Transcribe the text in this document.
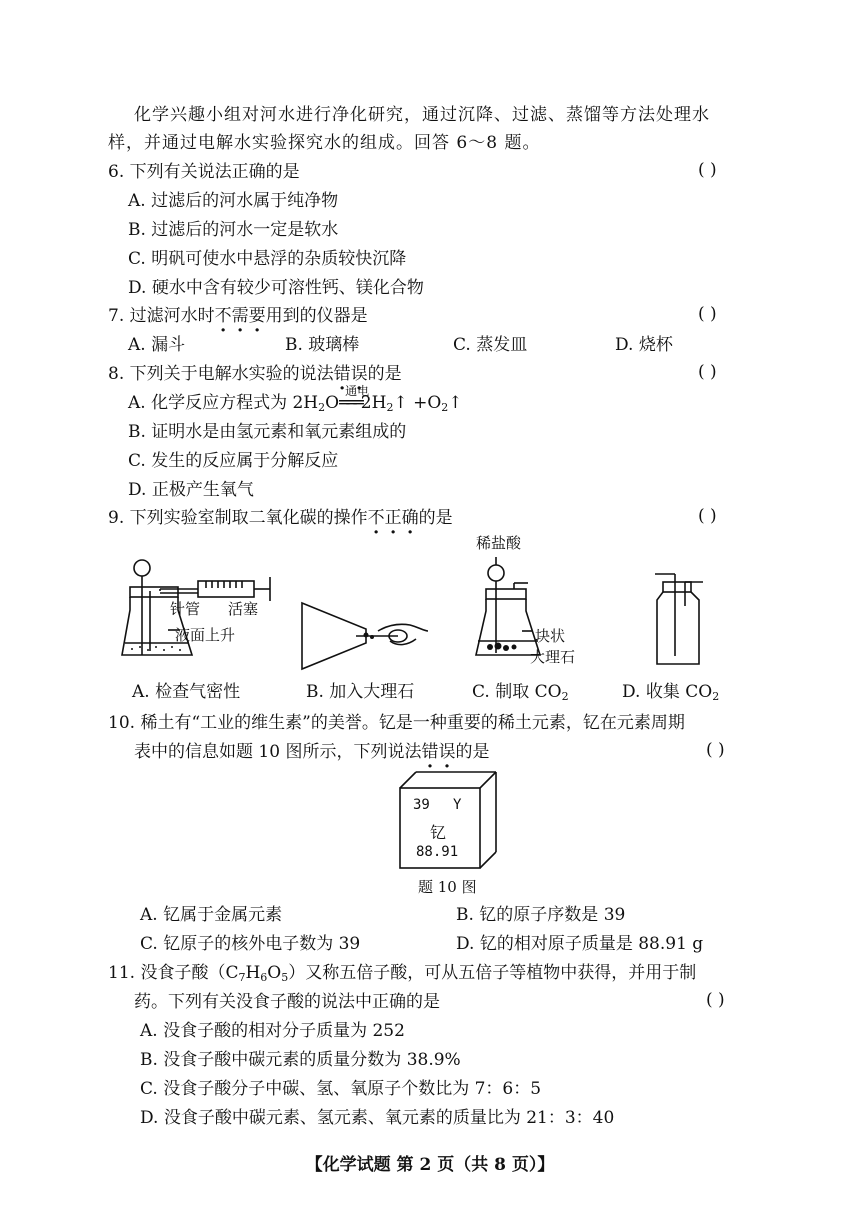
化学兴趣小组对河水进行净化研究，通过沉降、过滤、蒸馏等方法处理水
样，并通过电解水实验探究水的组成。回答 6～8 题。
6. 下列有关说法正确的是	( )
A. 过滤后的河水属于纯净物
B. 过滤后的河水一定是软水
C. 明矾可使水中悬浮的杂质较快沉降
D. 硬水中含有较少可溶性钙、镁化合物
7. 过滤河水时不需要用到的仪器是	( )
A. 漏斗	B. 玻璃棒	C. 蒸发皿	D. 烧杯
8. 下列关于电解水实验的说法错误的是	( )
A. 化学反应方程式为 $2H_2O$
通电
$═══2H_2↑$ $+O_2↑$
B. 证明水是由氢元素和氧元素组成的
C. 发生的反应属于分解反应
D. 正极产生氧气
9. 下列实验室制取二氧化碳的操作不正确的是	( )
针管 活塞
液面上升
稀盐酸
块状
大理石
A. 检查气密性	B. 加入大理石	C. 制取 $CO_2$	D. 收集 $CO_2$
10. 稀土有“工业的维生素”的美誉。钇是一种重要的稀土元素，钇在元素周期
表中的信息如题 10 图所示，下列说法错误的是	( )
39 Y
钇
88.91
题 10 图
A. 钇属于金属元素	B. 钇的原子序数是 39
C. 钇原子的核外电子数为 39	D. 钇的相对原子质量是 88.91 g
11. 没食子酸$(C_7H_6O_5)$又称五倍子酸，可从五倍子等植物中获得，并用于制
药。下列有关没食子酸的说法中正确的是	( )
A. 没食子酸的相对分子质量为 252
B. 没食子酸中碳元素的质量分数为 38.9%
C. 没食子酸分子中碳、氢、氧原子个数比为 7：6：5
D. 没食子酸中碳元素、氢元素、氧元素的质量比为 21：3：40
【化学试题 第 2 页（共 8 页）】
